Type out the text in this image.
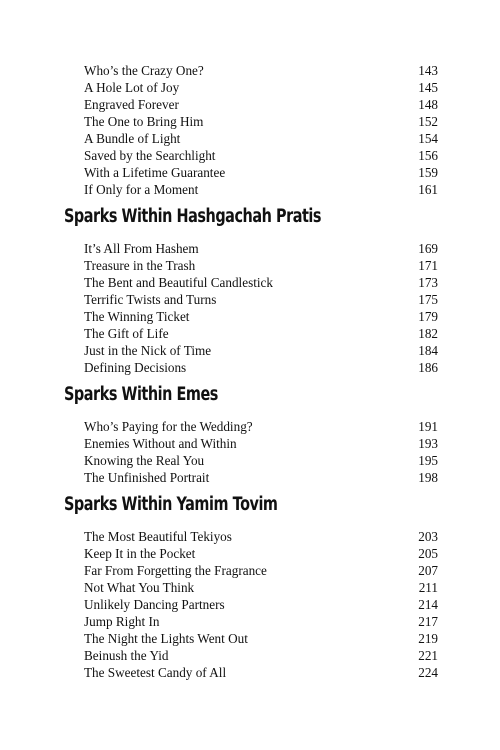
Who’s the Crazy One?	143
A Hole Lot of Joy	145
Engraved Forever	148
The One to Bring Him	152
A Bundle of Light	154
Saved by the Searchlight	156
With a Lifetime Guarantee	159
If Only for a Moment	161
Sparks Within Hashgachah Pratis
It’s All From Hashem	169
Treasure in the Trash	171
The Bent and Beautiful Candlestick	173
Terrific Twists and Turns	175
The Winning Ticket	179
The Gift of Life	182
Just in the Nick of Time	184
Defining Decisions	186
Sparks Within Emes
Who’s Paying for the Wedding?	191
Enemies Without and Within	193
Knowing the Real You	195
The Unfinished Portrait	198
Sparks Within Yamim Tovim
The Most Beautiful Tekiyos	203
Keep It in the Pocket	205
Far From Forgetting the Fragrance	207
Not What You Think	211
Unlikely Dancing Partners	214
Jump Right In	217
The Night the Lights Went Out	219
Beinush the Yid	221
The Sweetest Candy of All	224
